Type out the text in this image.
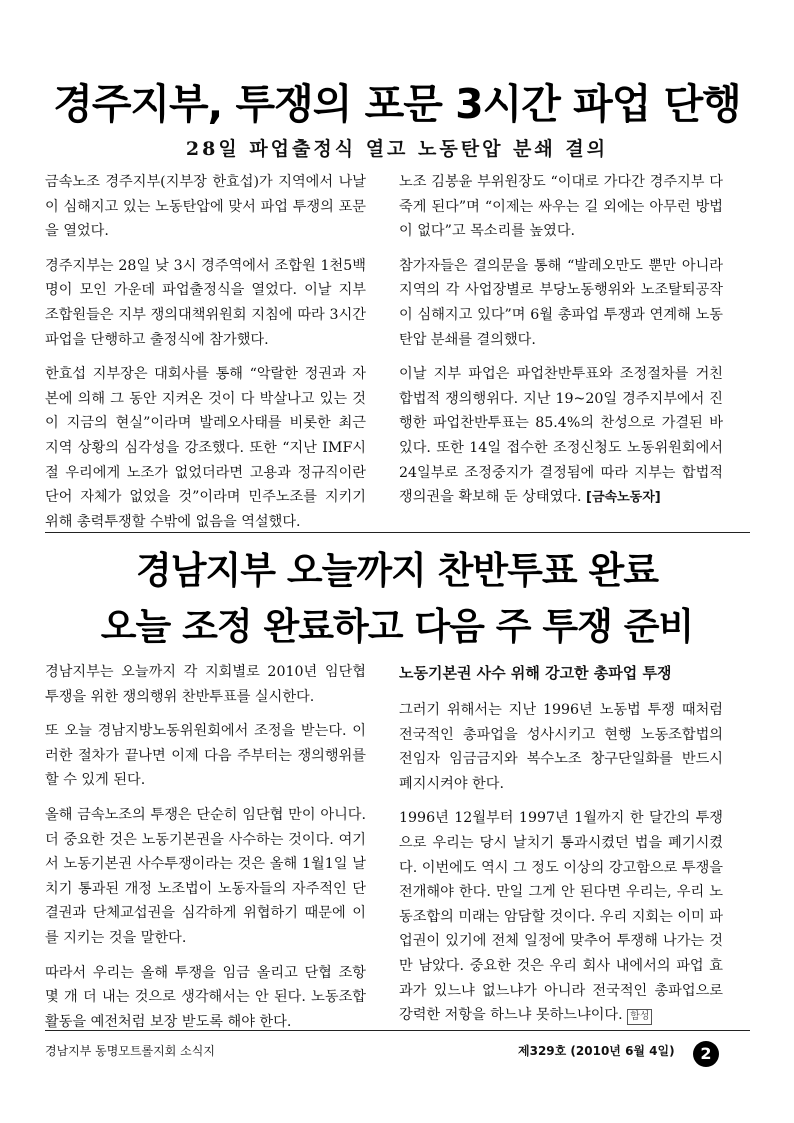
경주지부, 투쟁의 포문 3시간 파업 단행
28일 파업출정식 열고 노동탄압 분쇄 결의

금속노조 경주지부(지부장 한효섭)가 지역에서 나날이 심해지고 있는 노동탄압에 맞서 파업 투쟁의 포문을 열었다.

경주지부는 28일 낮 3시 경주역에서 조합원 1천5백명이 모인 가운데 파업출정식을 열었다. 이날 지부 조합원들은 지부 쟁의대책위원회 지침에 따라 3시간 파업을 단행하고 출정식에 참가했다.

한효섭 지부장은 대회사를 통해 “악랄한 정권과 자본에 의해 그 동안 지켜온 것이 다 박살나고 있는 것이 지금의 현실”이라며 발레오사태를 비롯한 최근 지역 상황의 심각성을 강조했다. 또한 “지난 IMF시절 우리에게 노조가 없었더라면 고용과 정규직이란 단어 자체가 없었을 것”이라며 민주노조를 지키기 위해 총력투쟁할 수밖에 없음을 역설했다.

노조 김봉윤 부위원장도 “이대로 가다간 경주지부 다 죽게 된다”며 “이제는 싸우는 길 외에는 아무런 방법이 없다”고 목소리를 높였다.

참가자들은 결의문을 통해 “발레오만도 뿐만 아니라 지역의 각 사업장별로 부당노동행위와 노조탈퇴공작이 심해지고 있다”며 6월 총파업 투쟁과 연계해 노동탄압 분쇄를 결의했다.

이날 지부 파업은 파업찬반투표와 조정절차를 거친 합법적 쟁의행위다. 지난 19~20일 경주지부에서 진행한 파업찬반투표는 85.4%의 찬성으로 가결된 바 있다. 또한 14일 접수한 조정신청도 노동위원회에서 24일부로 조정중지가 결정됨에 따라 지부는 합법적 쟁의권을 확보해 둔 상태였다. [금속노동자]

경남지부 오늘까지 찬반투표 완료
오늘 조정 완료하고 다음 주 투쟁 준비

경남지부는 오늘까지 각 지회별로 2010년 임단협 투쟁을 위한 쟁의행위 찬반투표를 실시한다.

또 오늘 경남지방노동위원회에서 조정을 받는다. 이러한 절차가 끝나면 이제 다음 주부터는 쟁의행위를 할 수 있게 된다.

올해 금속노조의 투쟁은 단순히 임단협 만이 아니다. 더 중요한 것은 노동기본권을 사수하는 것이다. 여기서 노동기본권 사수투쟁이라는 것은 올해 1월1일 날치기 통과된 개정 노조법이 노동자들의 자주적인 단결권과 단체교섭권을 심각하게 위협하기 때문에 이를 지키는 것을 말한다.

따라서 우리는 올해 투쟁을 임금 올리고 단협 조항 몇 개 더 내는 것으로 생각해서는 안 된다. 노동조합 활동을 예전처럼 보장 받도록 해야 한다.

노동기본권 사수 위해 강고한 총파업 투쟁

그러기 위해서는 지난 1996년 노동법 투쟁 때처럼 전국적인 총파업을 성사시키고 현행 노동조합법의 전임자 임금금지와 복수노조 창구단일화를 반드시 폐지시켜야 한다.

1996년 12월부터 1997년 1월까지 한 달간의 투쟁으로 우리는 당시 날치기 통과시켰던 법을 폐기시켰다. 이번에도 역시 그 정도 이상의 강고함으로 투쟁을 전개해야 한다. 만일 그게 안 된다면 우리는, 우리 노동조합의 미래는 암담할 것이다. 우리 지회는 이미 파업권이 있기에 전체 일정에 맞추어 투쟁해 나가는 것만 남았다. 중요한 것은 우리 회사 내에서의 파업 효과가 있느냐 없느냐가 아니라 전국적인 총파업으로 강력한 저항을 하느냐 못하느냐이다. 함성

경남지부 동명모트롤지회 소식지	제329호 (2010년 6월 4일)	2
